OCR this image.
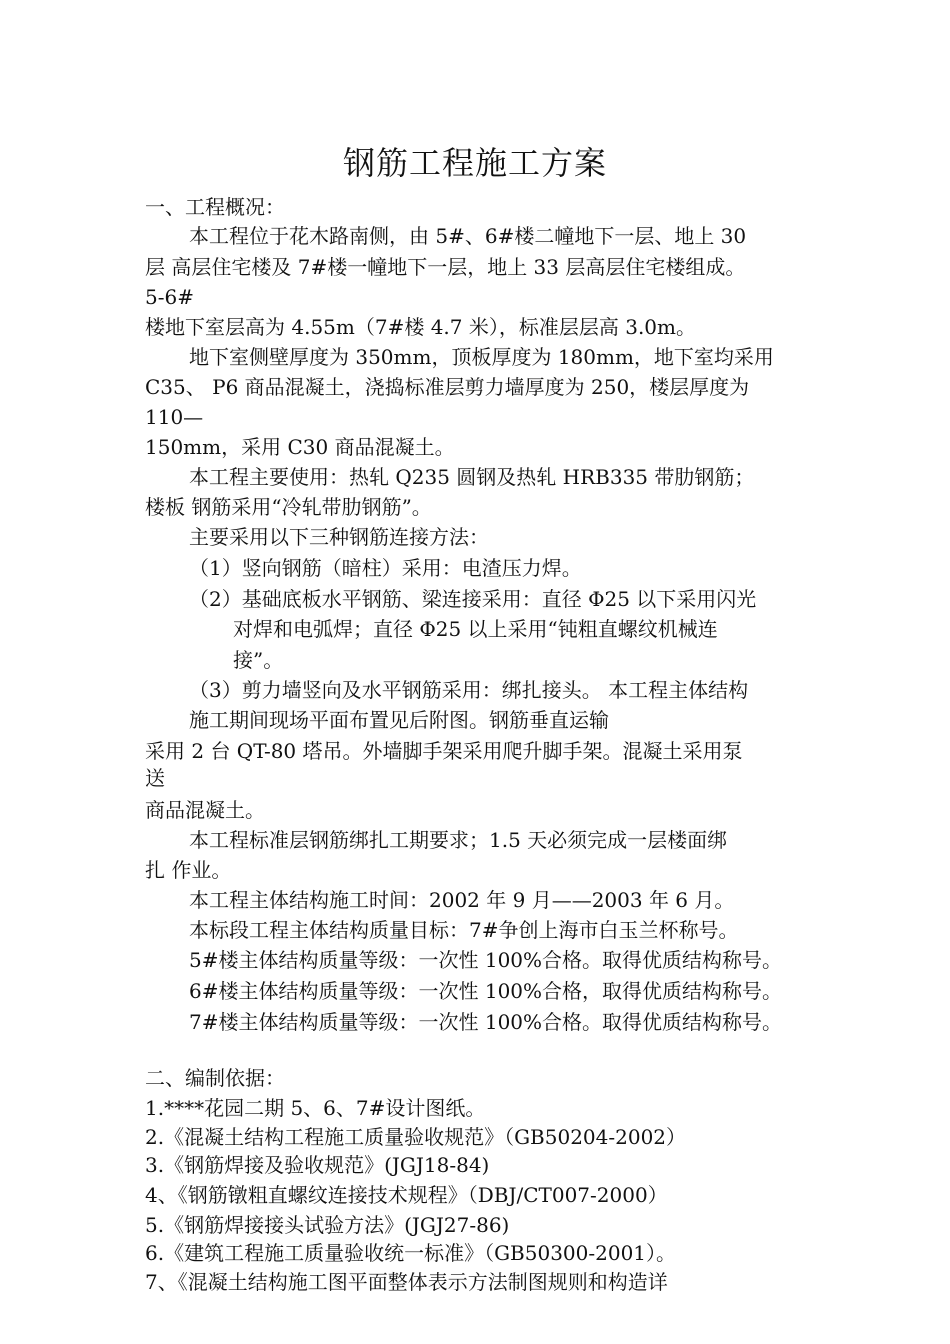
钢筋工程施工方案
一、工程概况：
本工程位于花木路南侧，由 5#、6#楼二幢地下一层、地上 30
层 高层住宅楼及 7#楼一幢地下一层，地上 33 层高层住宅楼组成。
5-6#
楼地下室层高为 4.55m（7#楼 4.7 米），标准层层高 3.0m。
地下室侧壁厚度为 350mm，顶板厚度为 180mm，地下室均采用
C35、 P6 商品混凝土，浇捣标准层剪力墙厚度为 250，楼层厚度为
110—
150mm，采用 C30 商品混凝土。
本工程主要使用：热轧 Q235 圆钢及热轧 HRB335 带肋钢筋；
楼板 钢筋采用“冷轧带肋钢筋”。
主要采用以下三种钢筋连接方法：
（1）竖向钢筋（暗柱）采用：电渣压力焊。
（2）基础底板水平钢筋、梁连接采用：直径 Φ25 以下采用闪光
对焊和电弧焊；直径 Φ25 以上采用“钝粗直螺纹机械连
接”。
（3）剪力墙竖向及水平钢筋采用：绑扎接头。 本工程主体结构
施工期间现场平面布置见后附图。钢筋垂直运输
采用 2 台 QT-80 塔吊。外墙脚手架采用爬升脚手架。混凝土采用泵
送
商品混凝土。
本工程标准层钢筋绑扎工期要求；1.5 天必须完成一层楼面绑
扎 作业。
本工程主体结构施工时间：2002 年 9 月——2003 年 6 月。
本标段工程主体结构质量目标：7#争创上海市白玉兰杯称号。
5#楼主体结构质量等级：一次性 100%合格。取得优质结构称号。
6#楼主体结构质量等级：一次性 100%合格，取得优质结构称号。
7#楼主体结构质量等级：一次性 100%合格。取得优质结构称号。
二、编制依据：
1.****花园二期 5、6、7#设计图纸。
2.《混凝土结构工程施工质量验收规范》（GB50204-2002）
3.《钢筋焊接及验收规范》(JGJ18-84)
4、《钢筋镦粗直螺纹连接技术规程》（DBJ/CT007-2000）
5.《钢筋焊接接头试验方法》(JGJ27-86)
6.《建筑工程施工质量验收统一标准》（GB50300-2001）。
7、《混凝土结构施工图平面整体表示方法制图规则和构造详
